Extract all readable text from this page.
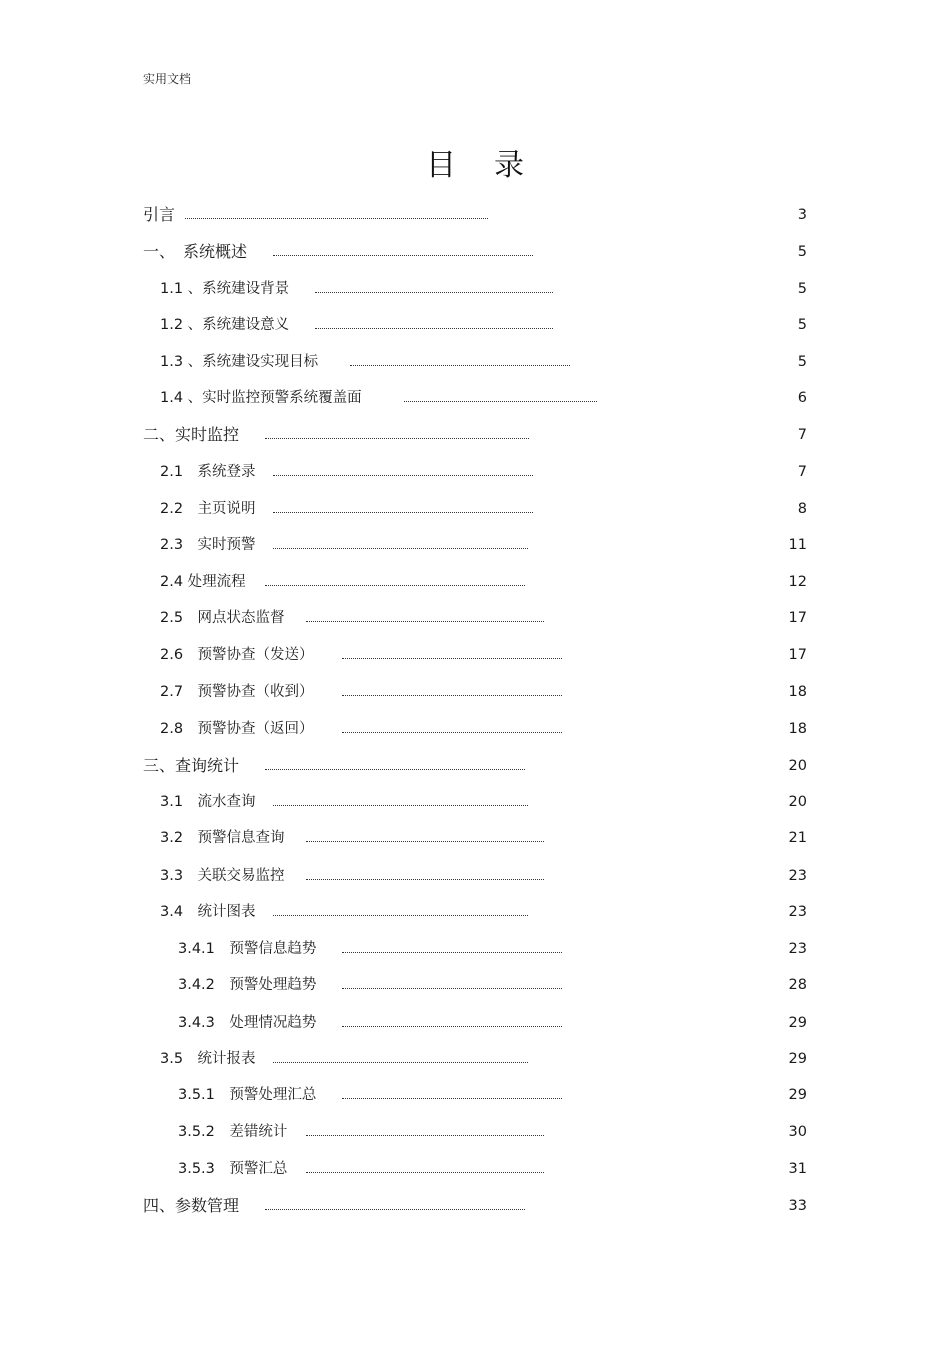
实用文档
目录
引言	3
一、　系统概述	5
1.1 、系统建设背景	5
1.2 、系统建设意义	5
1.3 、系统建设实现目标	5
1.4 、实时监控预警系统覆盖面	6
二、实时监控	7
2.1　系统登录	7
2.2　主页说明	8
2.3　实时预警	11
2.4 处理流程	12
2.5　网点状态监督	17
2.6　预警协查（发送）	17
2.7　预警协查（收到）	18
2.8　预警协查（返回）	18
三、查询统计	20
3.1　流水查询	20
3.2　预警信息查询	21
3.3　关联交易监控	23
3.4　统计图表	23
3.4.1　预警信息趋势	23
3.4.2　预警处理趋势	28
3.4.3　处理情况趋势	29
3.5　统计报表	29
3.5.1　预警处理汇总	29
3.5.2　差错统计	30
3.5.3　预警汇总	31
四、参数管理	33
